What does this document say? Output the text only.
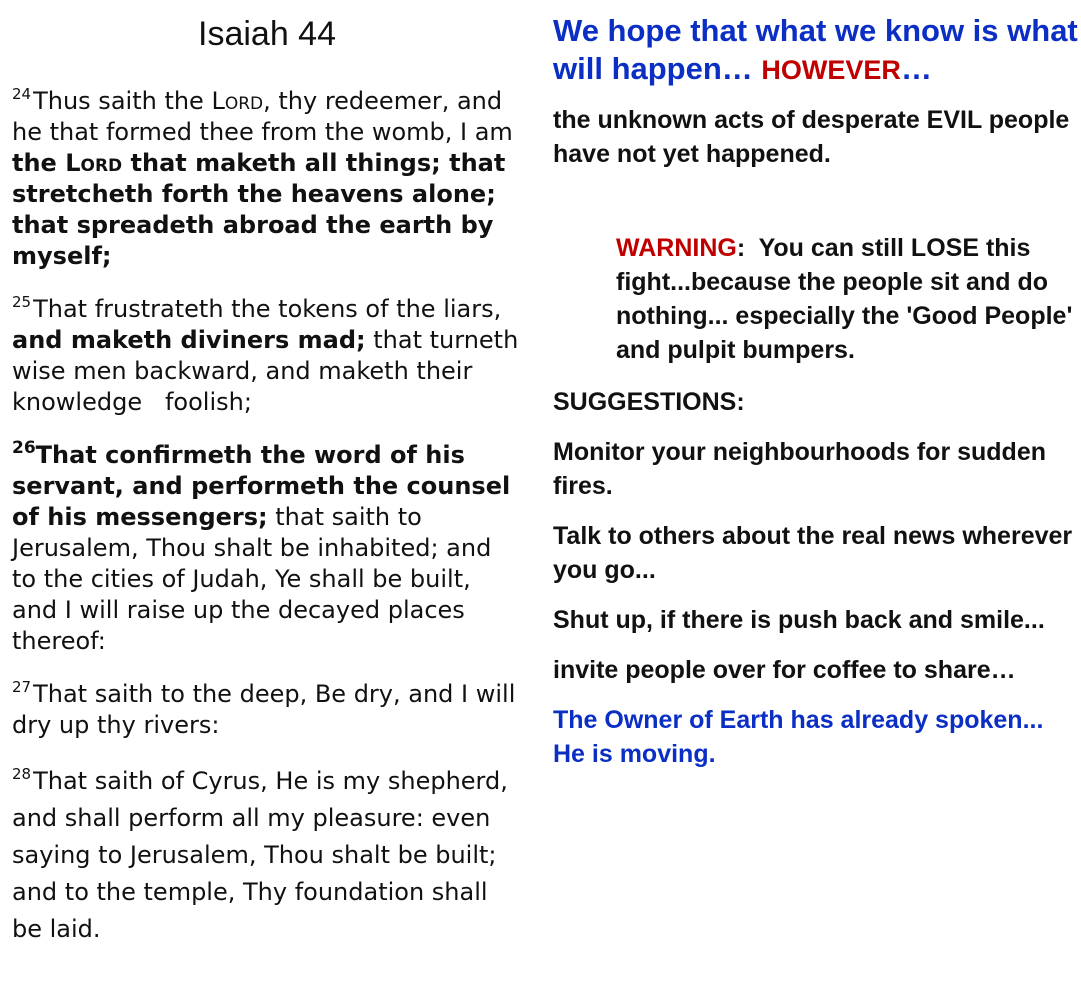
Isaiah 44

$^{24}$Thus saith the Lord, thy redeemer, and he that formed thee from the womb, I am the Lord that maketh all things; that stretcheth forth the heavens alone; that spreadeth abroad the earth by myself;

$^{25}$That frustrateth the tokens of the liars, and maketh diviners mad; that turneth wise men backward, and maketh their knowledge   foolish;

$^{26}$That confirmeth the word of his servant, and performeth the counsel of his messengers; that saith to Jerusalem, Thou shalt be inhabited; and to the cities of Judah, Ye shall be built, and I will raise up the decayed places thereof:

$^{27}$That saith to the deep, Be dry, and I will dry up thy rivers:

$^{28}$That saith of Cyrus, He is my shepherd, and shall perform all my pleasure: even saying to Jerusalem, Thou shalt be built; and to the temple, Thy foundation shall be laid.

We hope that what we know is what will happen… HOWEVER…
the unknown acts of desperate EVIL people have not yet happened.
WARNING:  You can still LOSE this fight...because the people sit and do nothing... especially the 'Good People' and pulpit bumpers.
SUGGESTIONS:
Monitor your neighbourhoods for sudden fires.
Talk to others about the real news wherever you go...
Shut up, if there is push back and smile...
invite people over for coffee to share…
The Owner of Earth has already spoken...    He is moving.
